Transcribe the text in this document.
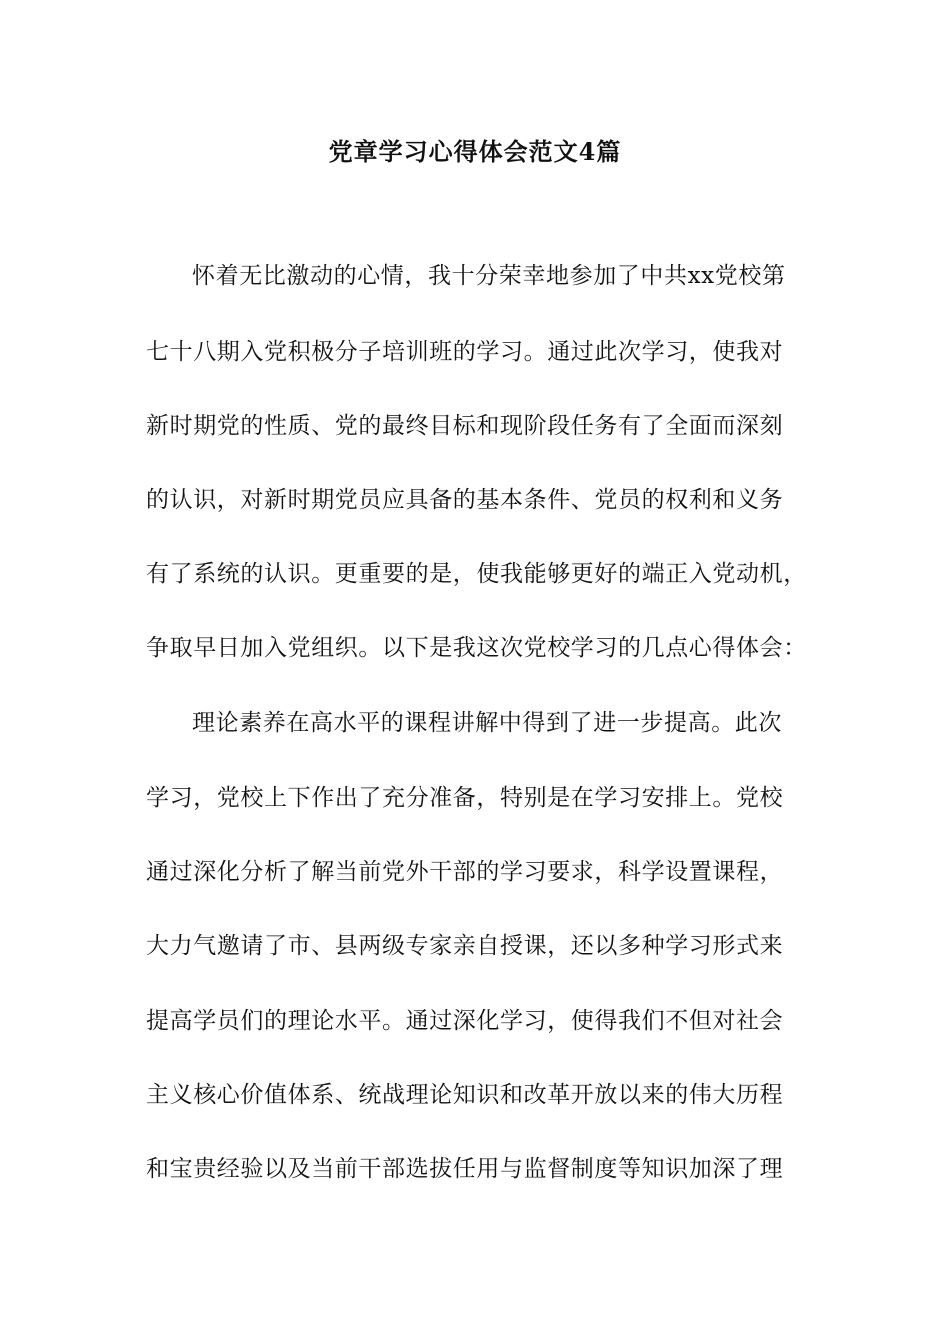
党章学习心得体会范文4篇

怀着无比激动的心情，我十分荣幸地参加了中共xx党校第

七十八期入党积极分子培训班的学习。通过此次学习，使我对

新时期党的性质、党的最终目标和现阶段任务有了全面而深刻

的认识，对新时期党员应具备的基本条件、党员的权利和义务

有了系统的认识。更重要的是，使我能够更好的端正入党动机，

争取早日加入党组织。以下是我这次党校学习的几点心得体会：

理论素养在高水平的课程讲解中得到了进一步提高。此次

学习，党校上下作出了充分准备，特别是在学习安排上。党校

通过深化分析了解当前党外干部的学习要求，科学设置课程，

大力气邀请了市、县两级专家亲自授课，还以多种学习形式来

提高学员们的理论水平。通过深化学习，使得我们不但对社会

主义核心价值体系、统战理论知识和改革开放以来的伟大历程

和宝贵经验以及当前干部选拔任用与监督制度等知识加深了理
